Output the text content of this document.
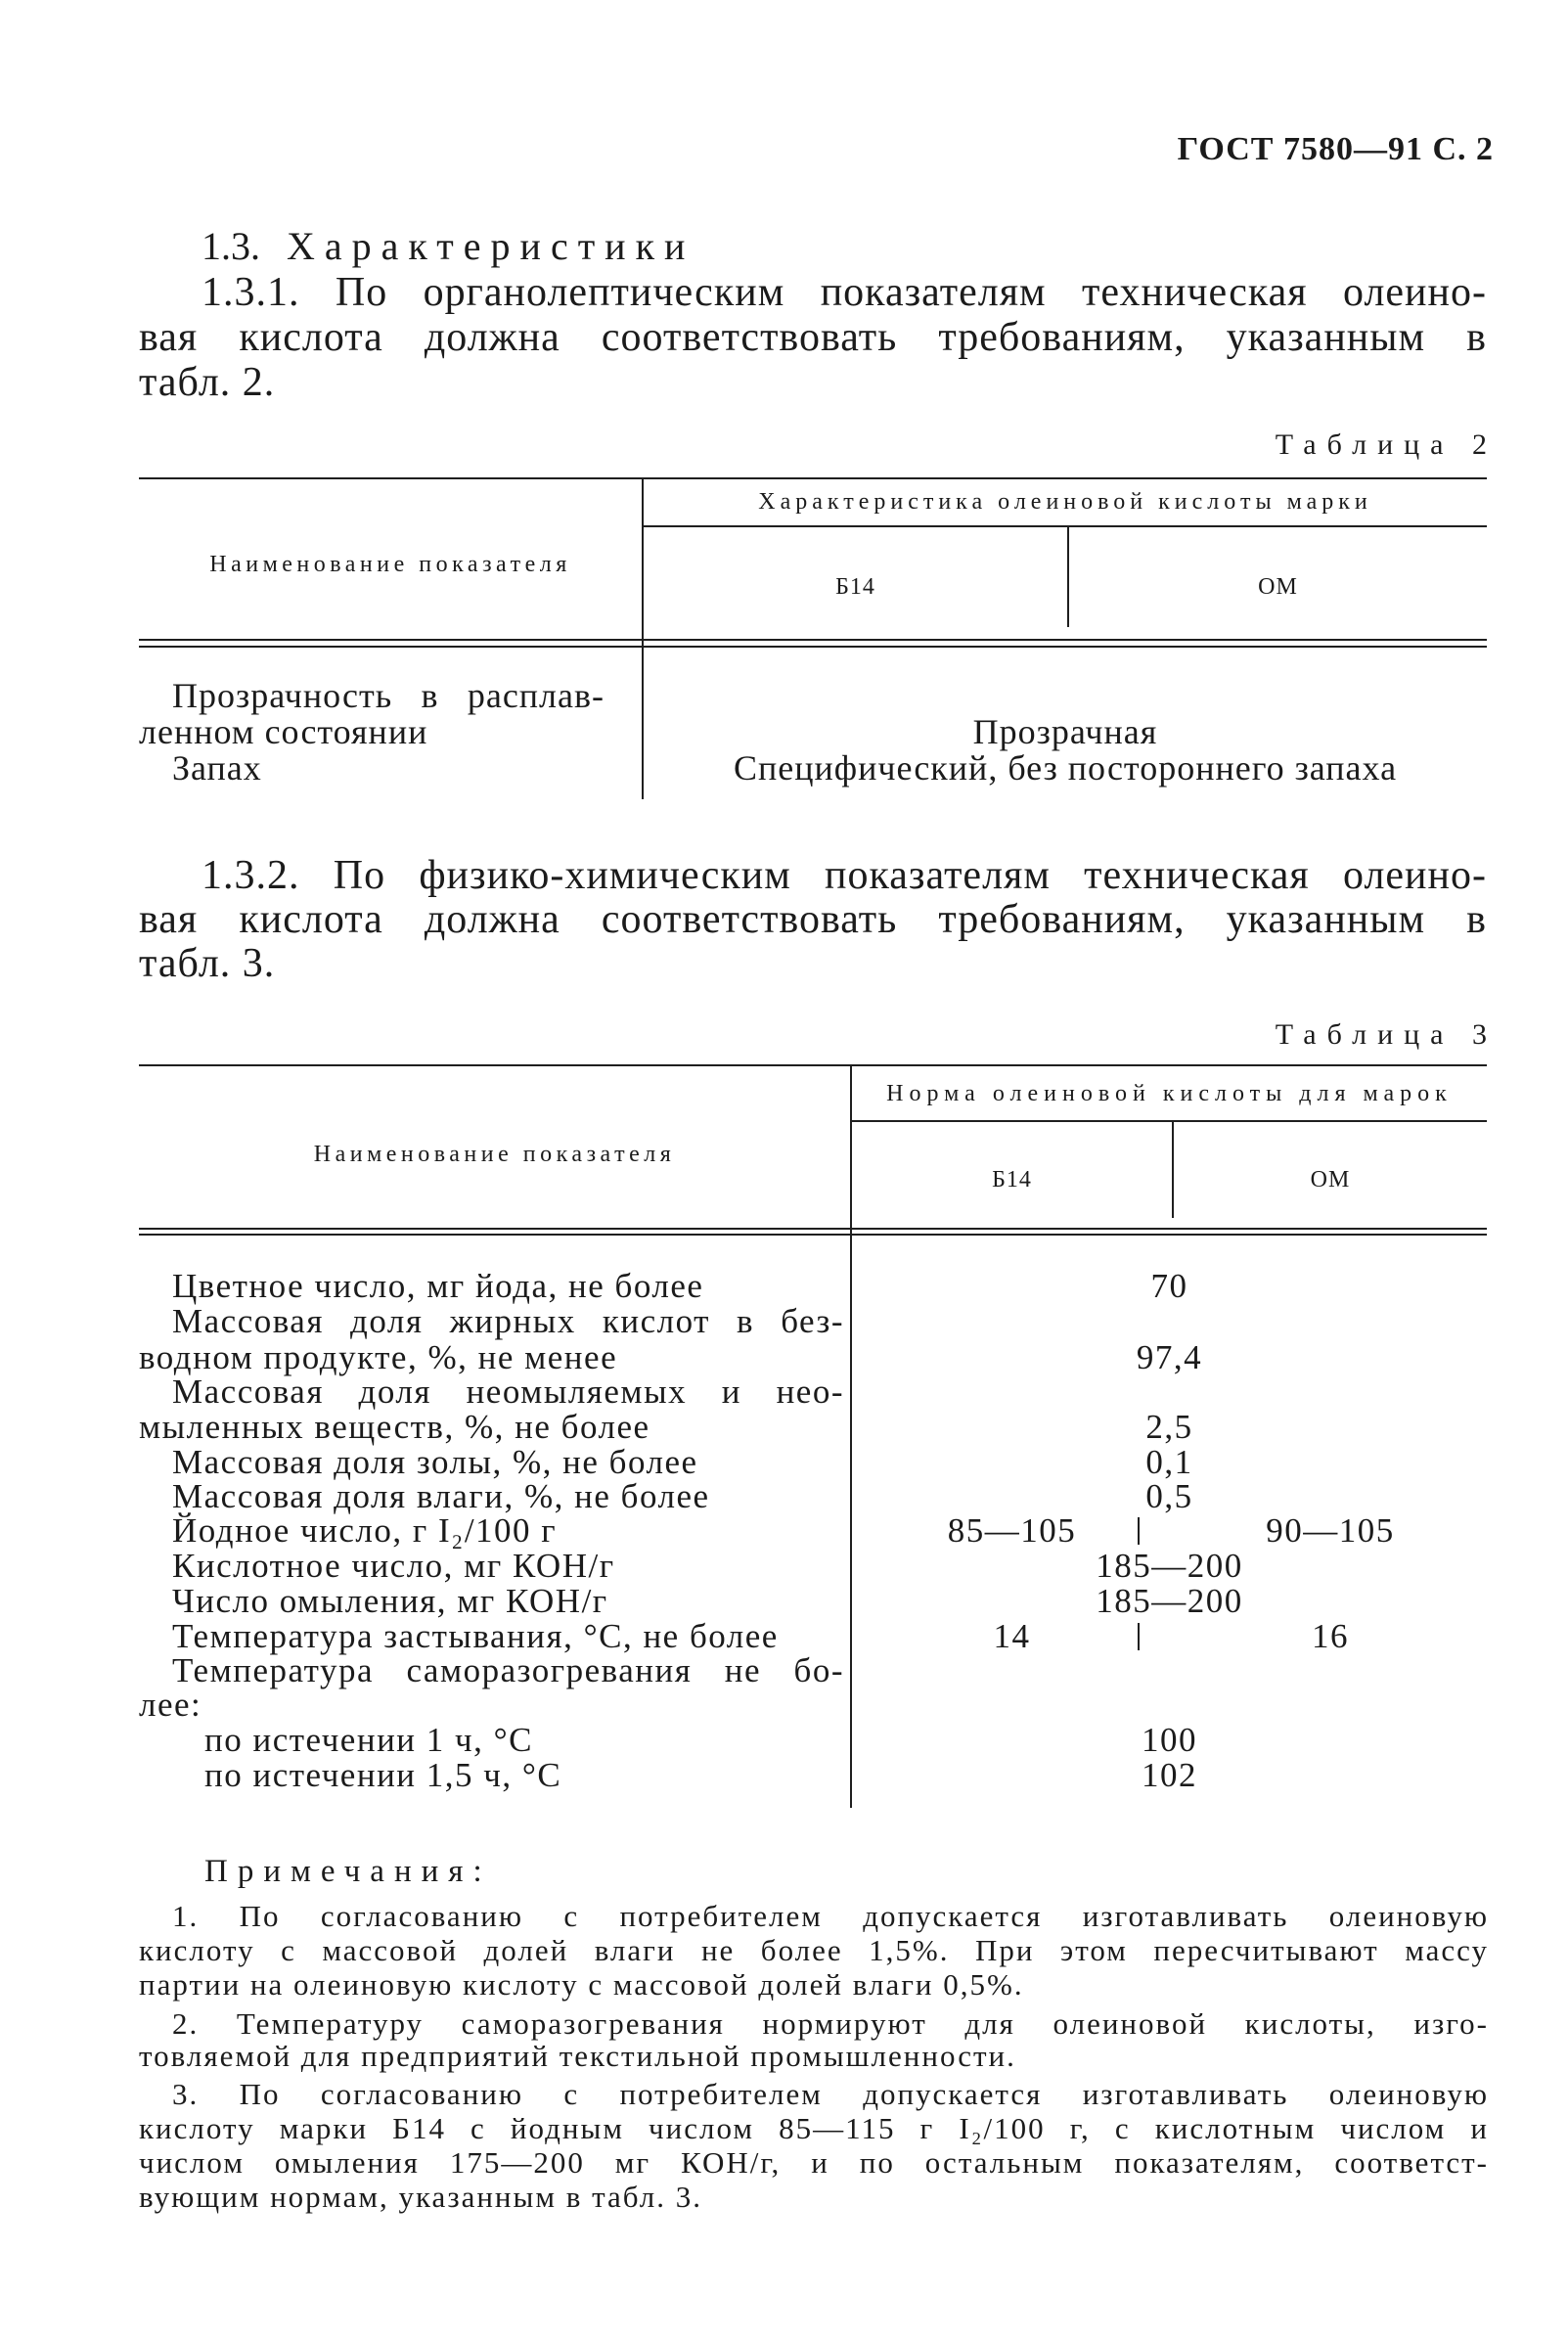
ГОСТ 7580—91 С. 2
1.3. Характеристики
1.3.1. По органолептическим показателям техническая олеино-
вая кислота должна соответствовать требованиям, указанным в
табл. 2.
Таблица 2
Характеристика олеиновой кислоты марки
Наименование показателя
Б14	ОМ
Прозрачность в расплав-
ленном состоянии	Прозрачная
Запах	Специфический, без постороннего запаха
1.3.2. По физико-химическим показателям техническая олеино-
вая кислота должна соответствовать требованиям, указанным в
табл. 3.
Таблица 3
Норма олеиновой кислоты для марок
Наименование показателя
Б14	ОМ
Цветное число, мг йода, не более	70
Массовая доля жирных кислот в без-
водном продукте, %, не менее	97,4
Массовая доля неомыляемых и нео-
мыленных веществ, %, не более	2,5
Массовая доля золы, %, не более	0,1
Массовая доля влаги, %, не более	0,5
Йодное число, г I₂/100 г	85—105	90—105
Кислотное число, мг КОН/г	185—200
Число омыления, мг КОН/г	185—200
Температура застывания, °С, не более	14	16
Температура саморазогревания не бо-
лее:
по истечении 1 ч, °С	100
по истечении 1,5 ч, °С	102
Примечания:
1. По согласованию с потребителем допускается изготавливать олеиновую
кислоту с массовой долей влаги не более 1,5%. При этом пересчитывают массу
партии на олеиновую кислоту с массовой долей влаги 0,5%.
2. Температуру саморазогревания нормируют для олеиновой кислоты, изго-
товляемой для предприятий текстильной промышленности.
3. По согласованию с потребителем допускается изготавливать олеиновую
кислоту марки Б14 с йодным числом 85—115 г I₂/100 г, с кислотным числом и
числом омыления 175—200 мг КОН/г, и по остальным показателям, соответст-
вующим нормам, указанным в табл. 3.
